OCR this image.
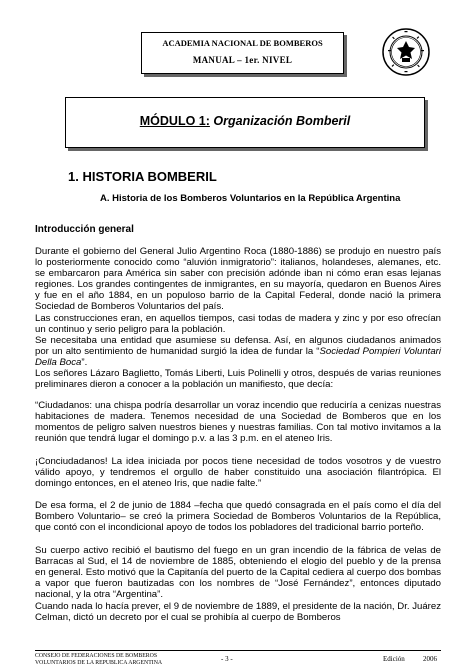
ACADEMIA NACIONAL DE BOMBEROS
MANUAL – 1er. NIVEL
MÓDULO 1: Organización Bomberil
1. HISTORIA BOMBERIL
A. Historia de los Bomberos Voluntarios en la República Argentina
Introducción general
Durante el gobierno del General Julio Argentino Roca (1880-1886) se produjo en nuestro país lo posteriormente conocido como “aluvión inmigratorio”: italianos, holandeses, alemanes, etc. se embarcaron para América sin saber con precisión adónde iban ni cómo eran esas lejanas regiones. Los grandes contingentes de inmigrantes, en su mayoría, quedaron en Buenos Aires y fue en el año 1884, en un populoso barrio de la Capital Federal, donde nació la primera Sociedad de Bomberos Voluntarios del país.
Las construcciones eran, en aquellos tiempos, casi todas de madera y zinc y por eso ofrecían un continuo y serio peligro para la población.
Se necesitaba una entidad que asumiese su defensa. Así, en algunos ciudadanos animados por un alto sentimiento de humanidad surgió la idea de fundar la “Sociedad Pompieri Voluntari Della Boca”.
Los señores Lázaro Baglietto, Tomás Liberti, Luis Polinelli y otros, después de varias reuniones preliminares dieron a conocer a la población un manifiesto, que decía:
“Ciudadanos: una chispa podría desarrollar un voraz incendio que reduciría a cenizas nuestras habitaciones de madera. Tenemos necesidad de una Sociedad de Bomberos que en los momentos de peligro salven nuestros bienes y nuestras familias. Con tal motivo invitamos a la reunión que tendrá lugar el domingo p.v. a las 3 p.m. en el ateneo Iris.
¡Conciudadanos! La idea iniciada por pocos tiene necesidad de todos vosotros y de vuestro válido apoyo, y tendremos el orgullo de haber constituido una asociación filantrópica. El domingo entonces, en el ateneo Iris, que nadie falte.”
De esa forma, el 2 de junio de 1884 –fecha que quedó consagrada en el país como el día del Bombero Voluntario– se creó la primera Sociedad de Bomberos Voluntarios de la República, que contó con el incondicional apoyo de todos los pobladores del tradicional barrio porteño.
Su cuerpo activo recibió el bautismo del fuego en un gran incendio de la fábrica de velas de Barracas al Sud, el 14 de noviembre de 1885, obteniendo el elogio del pueblo y de la prensa en general. Esto motivó que la Capitanía del puerto de la Capital cediera al cuerpo dos bombas a vapor que fueron bautizadas con los nombres de “José Fernández”, entonces diputado nacional, y la otra “Argentina”.
Cuando nada lo hacía prever, el 9 de noviembre de 1889, el presidente de la nación, Dr. Juárez Celman, dictó un decreto por el cual se prohibía al cuerpo de Bomberos
CONSEJO DE FEDERACIONES DE BOMBEROS
VOLUNTARIOS DE LA REPUBLICA ARGENTINA	- 3 -	Edición	2006
